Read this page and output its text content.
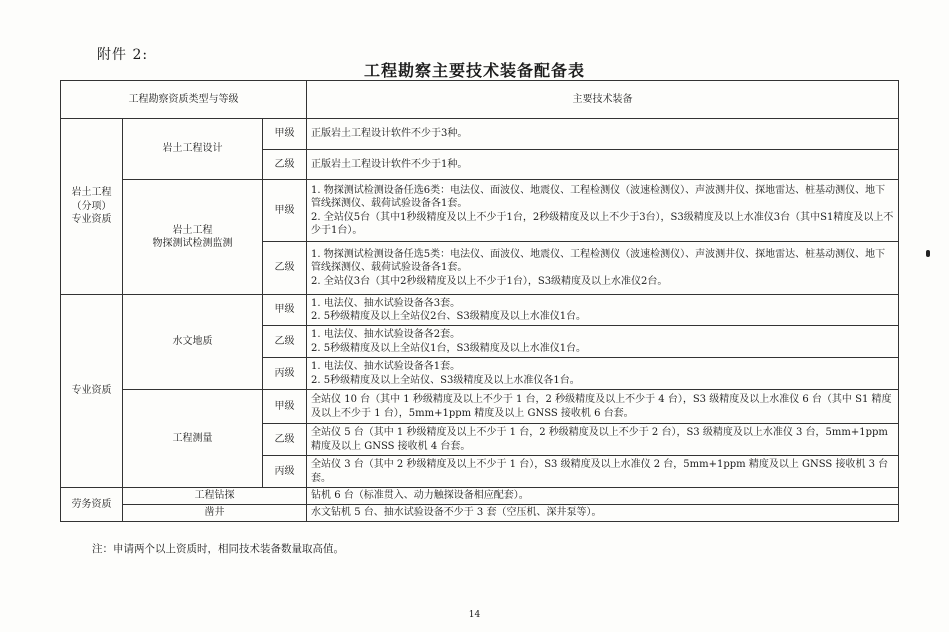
附件 2:
工程勘察主要技术装备配备表
工程勘察资质类型与等级			主要技术装备
岩土工程
（分项）
专业资质	岩土工程设计	甲级	正版岩土工程设计软件不少于3种。
		乙级	正版岩土工程设计软件不少于1种。
	岩土工程
物探测试检测监测	甲级	1. 物探测试检测设备任选6类：电法仪、面波仪、地震仪、工程检测仪（波速检测仪）、声波测井仪、探地雷达、桩基动测仪、地下管线探测仪、载荷试验设备各1套。
2. 全站仪5台（其中1秒级精度及以上不少于1台，2秒级精度及以上不少于3台），S3级精度及以上水准仪3台（其中S1精度及以上不少于1台）。
		乙级	1. 物探测试检测设备任选5类：电法仪、面波仪、地震仪、工程检测仪（波速检测仪）、声波测井仪、探地雷达、桩基动测仪、地下管线探测仪、载荷试验设备各1套。
2. 全站仪3台（其中2秒级精度及以上不少于1台），S3级精度及以上水准仪2台。
专业资质	水文地质	甲级	1. 电法仪、抽水试验设备各3套。
2. 5秒级精度及以上全站仪2台、S3级精度及以上水准仪1台。
		乙级	1. 电法仪、抽水试验设备各2套。
2. 5秒级精度及以上全站仪1台，S3级精度及以上水准仪1台。
		丙级	1. 电法仪、抽水试验设备各1套。
2. 5秒级精度及以上全站仪、S3级精度及以上水准仪各1台。
	工程测量	甲级	全站仪 10 台（其中 1 秒级精度及以上不少于 1 台，2 秒级精度及以上不少于 4 台），S3 级精度及以上水准仪 6 台（其中 S1 精度及以上不少于 1 台），5mm+1ppm 精度及以上 GNSS 接收机 6 台套。
		乙级	全站仪 5 台（其中 1 秒级精度及以上不少于 1 台，2 秒级精度及以上不少于 2 台），S3 级精度及以上水准仪 3 台，5mm+1ppm 精度及以上 GNSS 接收机 4 台套。
		丙级	全站仪 3 台（其中 2 秒级精度及以上不少于 1 台），S3 级精度及以上水准仪 2 台，5mm+1ppm 精度及以上 GNSS 接收机 3 台套。
劳务资质	工程钻探		钻机 6 台（标准贯入、动力触探设备相应配套）。
	凿井		水文钻机 5 台、抽水试验设备不少于 3 套（空压机、深井泵等）。
注：申请两个以上资质时，相同技术装备数量取高值。
14
